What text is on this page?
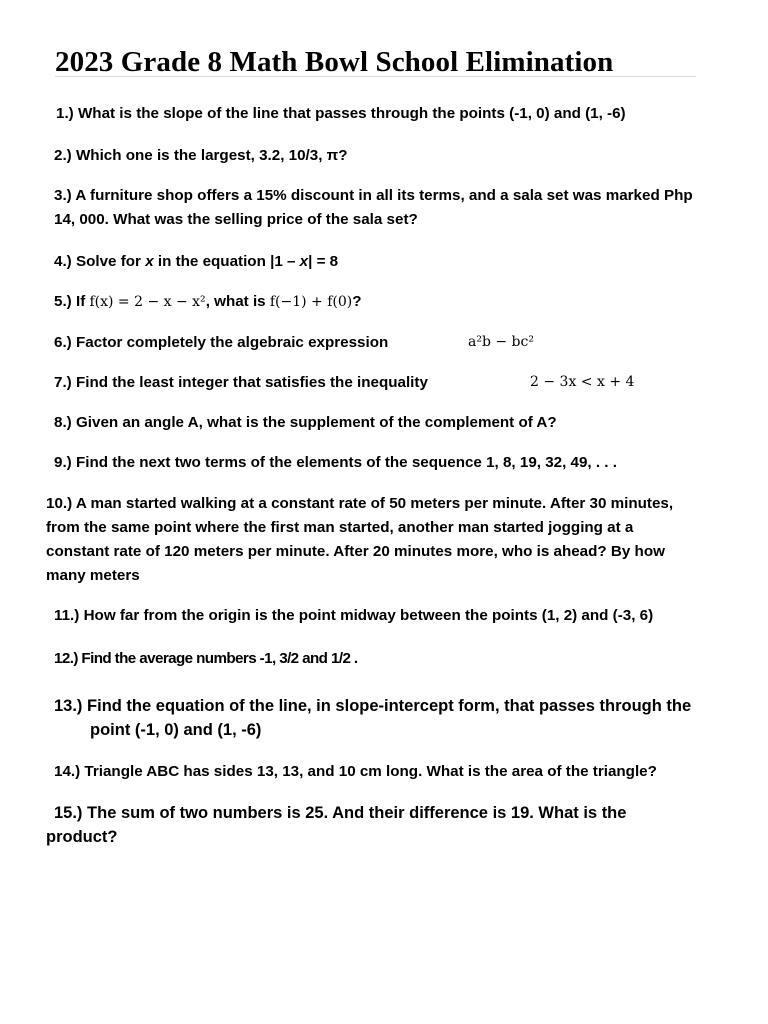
2023 Grade 8 Math Bowl School Elimination
1.) What is the slope of the line that passes through the points (-1, 0) and (1, -6)
2.) Which one is the largest, 3.2, 10/3, π?
3.) A furniture shop offers a 15% discount in all its terms, and a sala set was marked Php
14, 000. What was the selling price of the sala set?
4.) Solve for x in the equation |1 – x| = 8
5.) If f(x) = 2 − x − x², what is f(−1) + f(0)?
6.) Factor completely the algebraic expression	a²b − bc²
7.) Find the least integer that satisfies the inequality	2 − 3x < x + 4
8.) Given an angle A, what is the supplement of the complement of A?
9.) Find the next two terms of the elements of the sequence 1, 8, 19, 32, 49, . . .
10.) A man started walking at a constant rate of 50 meters per minute. After 30 minutes,
from the same point where the first man started, another man started jogging at a
constant rate of 120 meters per minute. After 20 minutes more, who is ahead? By how
many meters
11.) How far from the origin is the point midway between the points (1, 2) and (-3, 6)
12.) Find the average numbers -1, 3/2 and 1/2 .
13.) Find the equation of the line, in slope-intercept form, that passes through the
point (-1, 0) and (1, -6)
14.) Triangle ABC has sides 13, 13, and 10 cm long. What is the area of the triangle?
15.) The sum of two numbers is 25. And their difference is 19. What is the
product?
